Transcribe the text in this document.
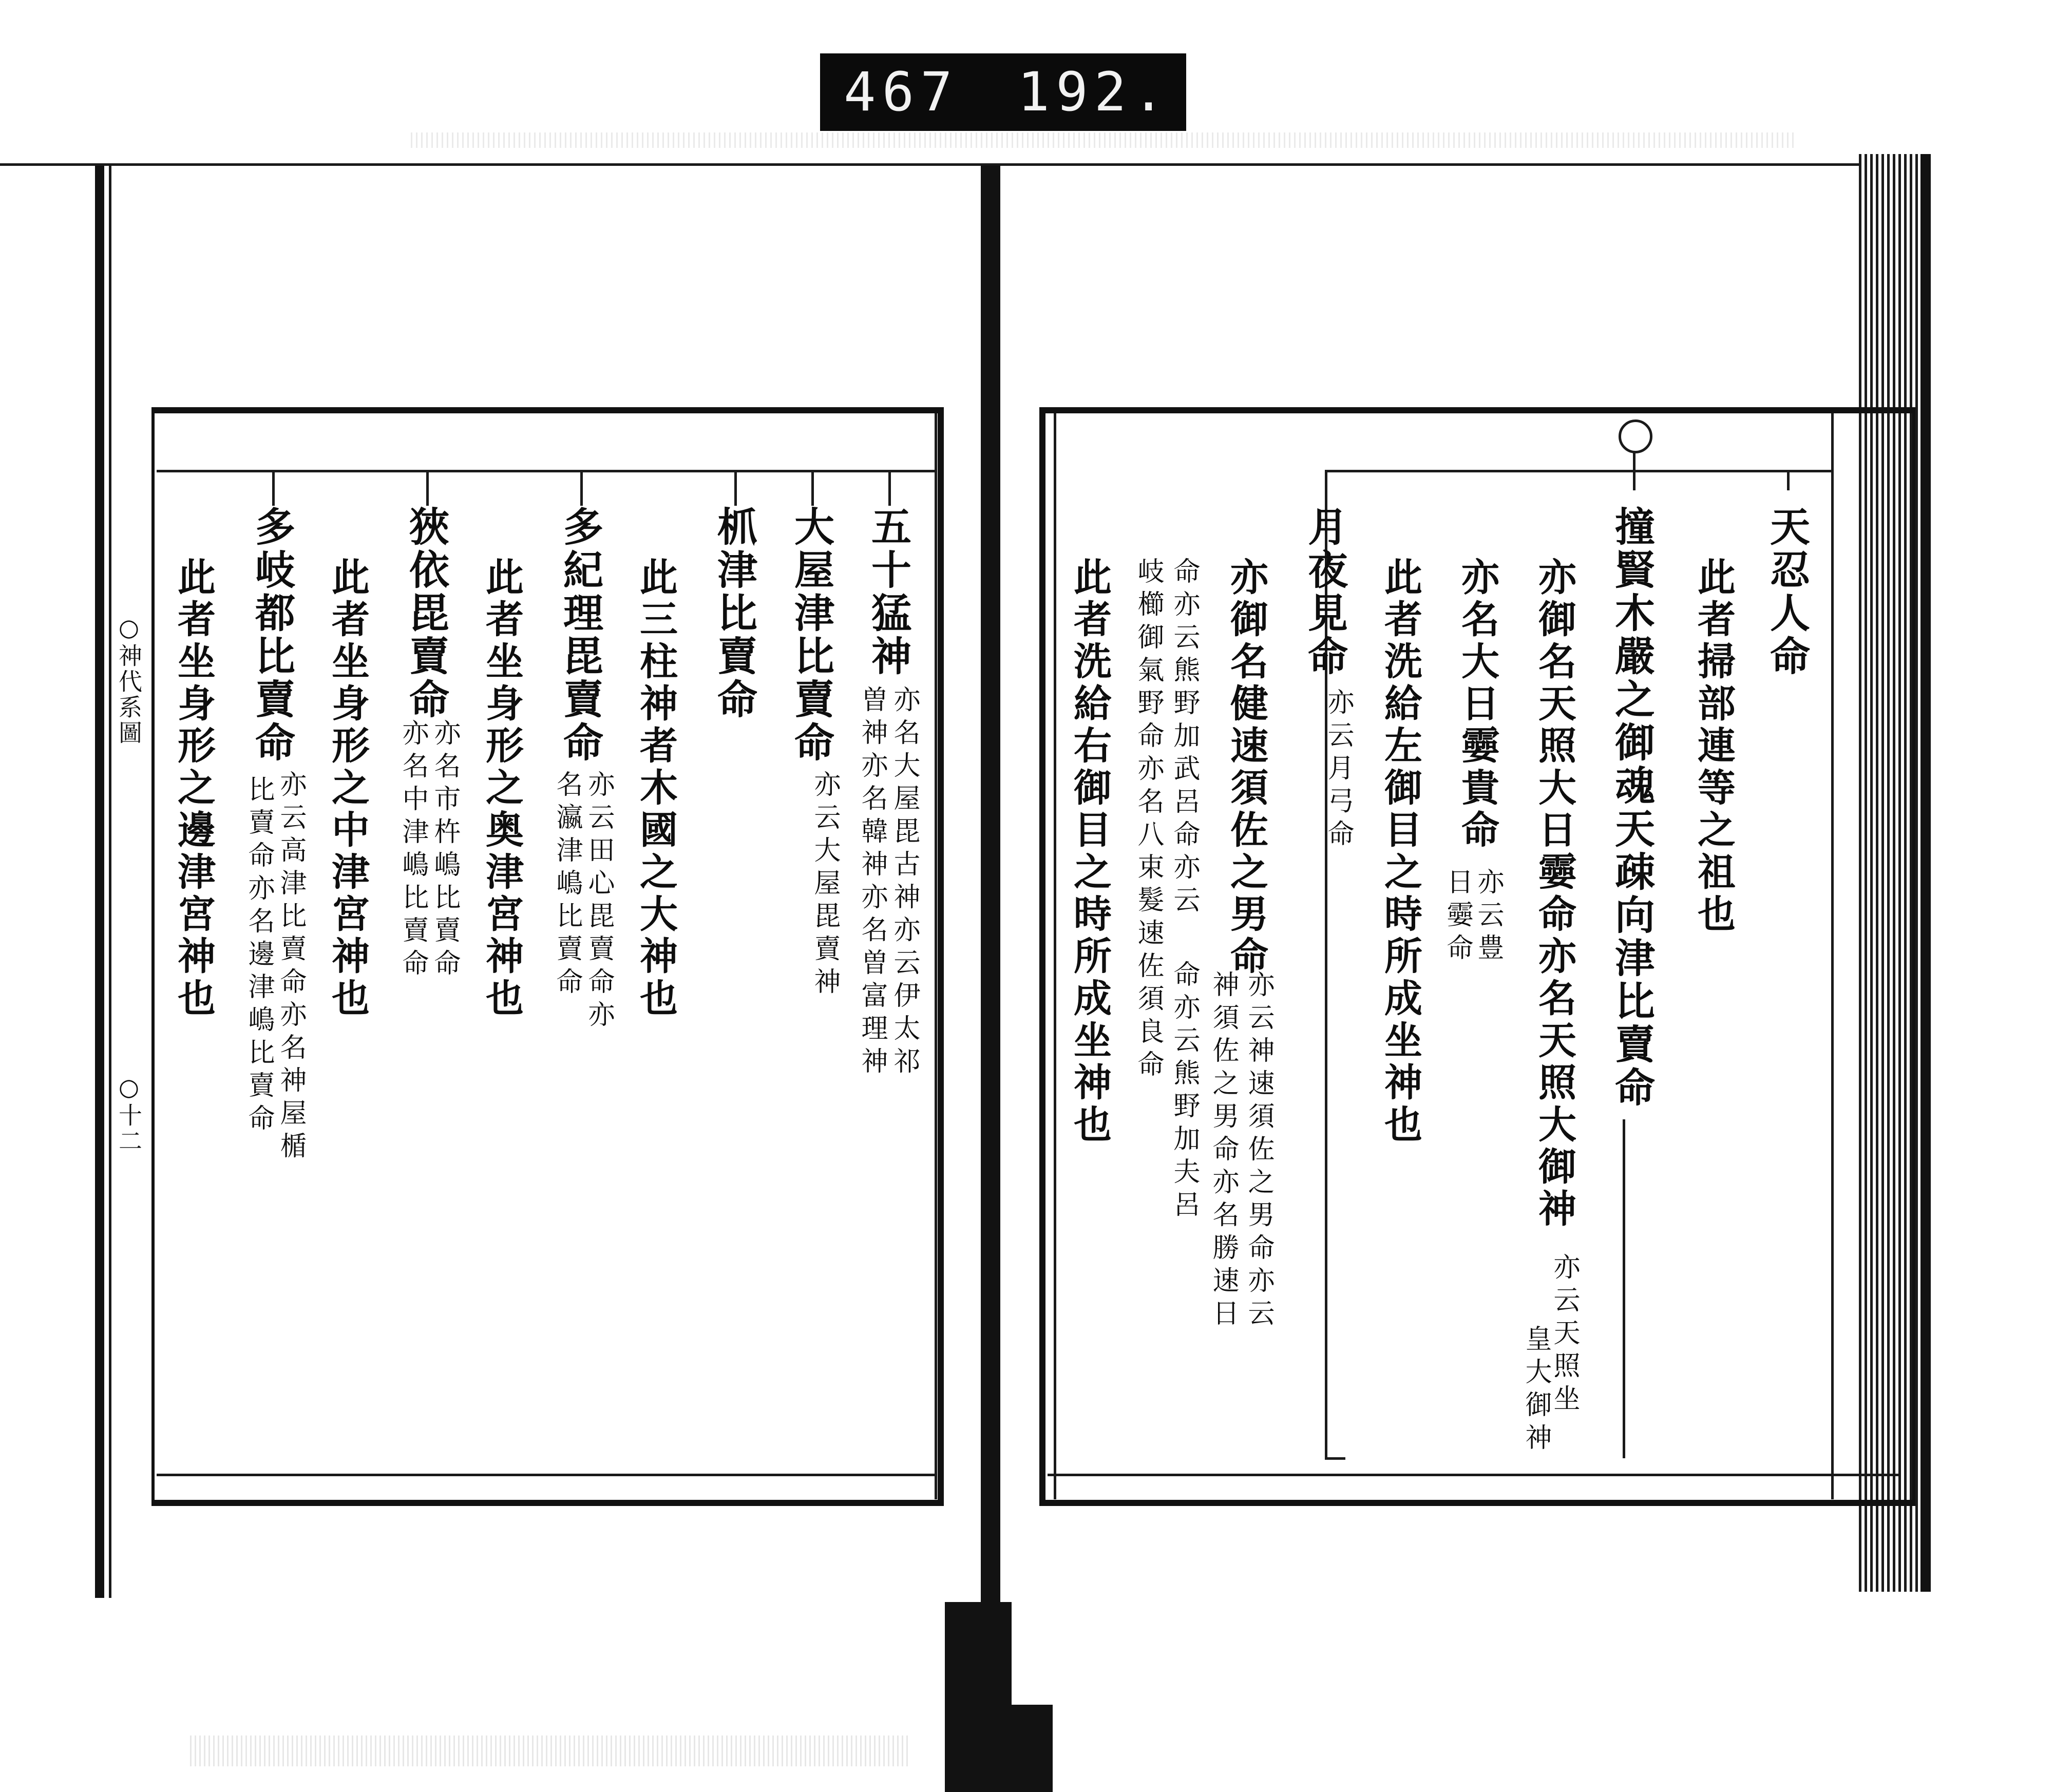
467 192.
○神代系圖
○十二
天忍人命
此者掃部連等之祖也
撞賢木嚴之御魂天疎向津比賣命
亦御名天照大日孁命亦名天照大御神
亦云天照坐
皇大御神
亦名大日孁貴命
亦云豊
日孁命
此者洗給左御目之時所成坐神也
月夜見命
亦云月弓命
亦御名健速須佐之男命
亦云神速須佐之男命亦云
神須佐之男命亦名勝速日
命亦云熊野加夫呂
命亦云熊野加武呂命亦云
岐櫛御氣野命亦名八束髮速佐須良命
此者洗給右御目之時所成坐神也
五十猛神
亦名大屋毘古神亦云伊太祁
曽神亦名韓神亦名曽富理神
大屋津比賣命
亦云大屋毘賣神
枛津比賣命
此三柱神者木國之大神也
多紀理毘賣命
亦云田心毘賣命亦
名瀛津嶋比賣命
此者坐身形之奥津宮神也
狹依毘賣命
亦名市杵嶋比賣命
亦名中津嶋比賣命
此者坐身形之中津宮神也
多岐都比賣命
亦云高津比賣命亦名神屋楯
比賣命亦名邊津嶋比賣命
此者坐身形之邊津宮神也
